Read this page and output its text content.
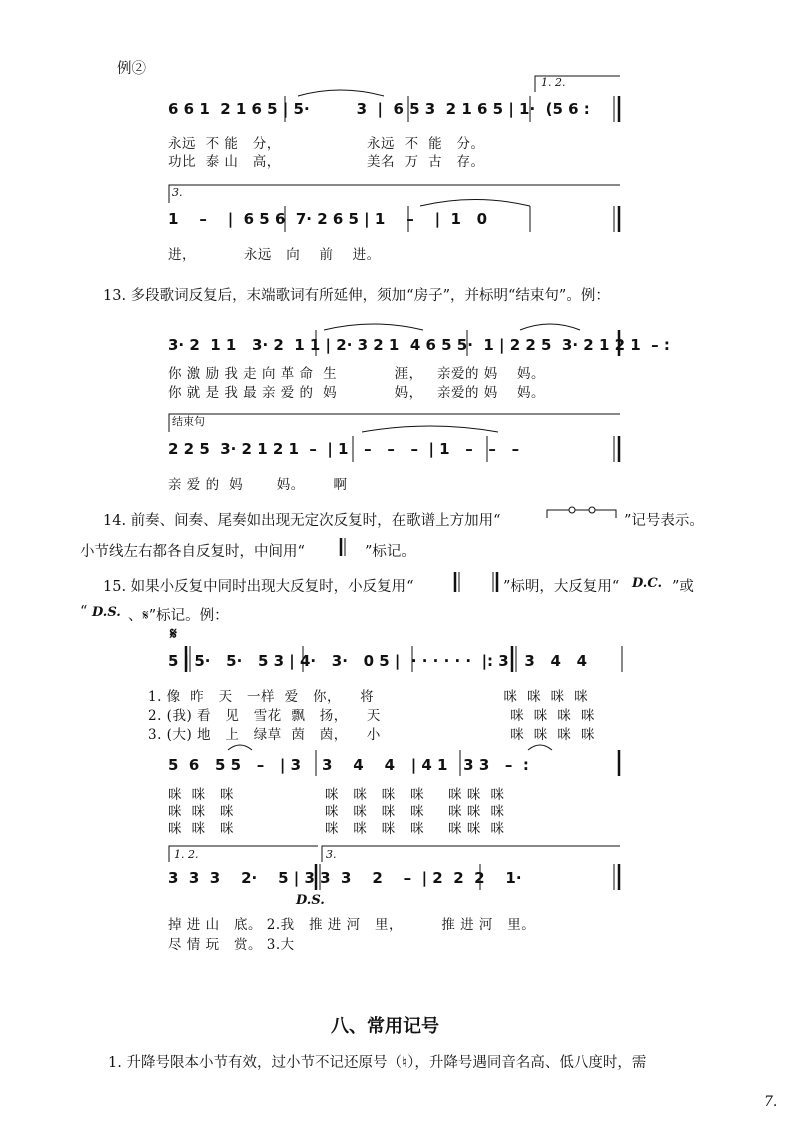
例②
1. 2.
6 6 1  2 1 6 5 | 5·         3  |  6 5 3  2 1 6 5 | 1·  (5 6 :
永远  不 能   分，                  永远  不  能   分。
功比  泰 山   高，                  美名  万  古   存。
3.
1    –    |  6 5 6  7· 2 6 5 | 1    –    |  1   0
进，          永远   向    前    进。
13. 多段歌词反复后，末端歌词有所延伸，须加“房子”，并标明“结束句”。例：
3· 2  1 1   3· 2  1 1 | 2· 3 2 1  4 6 5 5·  1 | 2 2 5  3· 2 1 2 1  – :
你 激 励 我 走 向 革 命  生            涯，   亲爱的 妈    妈。
你 就 是 我 最 亲 爱 的  妈            妈，   亲爱的 妈    妈。
结束句
2 2 5  3· 2 1 2 1  –  | 1   –   –   –  | 1   –   –   –
亲 爱 的  妈       妈。      啊
14. 前奏、间奏、尾奏如出现无定次反复时，在歌谱上方加用“	”记号表示。
小节线左右都各自反复时，中间用“	”标记。
15. 如果小反复中同时出现大反复时，小反复用“	”标明，大反复用“ D.C. ”或
“ D.S. 、𝄋”标记。例：
𝄋
5 | 5·   5·   5 3 | 4·   3·   0 5 |  · · · · · ·  |: 3   3   4   4
1. 像  昨   天   一样  爱   你，    将                           咪  咪  咪  咪
2. (我) 看   见   雪花  飘   扬，    天                           咪  咪  咪  咪
3. (大) 地   上   绿草  茵   茵，    小                           咪  咪  咪  咪
5  6   5 5   –   | 3    3    4    4   | 4 1   3 3   –  :
咪  咪   咪                   咪   咪   咪   咪     咪 咪  咪
咪  咪   咪                   咪   咪   咪   咪     咪 咪  咪
咪  咪   咪                   咪   咪   咪   咪     咪 咪  咪
1. 2.	3.
3  3  3    2·    5 | 3 3  3    2    –  | 2  2  2    1·
D.S.
掉 进 山   底。 2.我   推 进 河   里，        推 进 河   里。
尽 情 玩   赏。 3.大
八、常用记号
1. 升降号限本小节有效，过小节不记还原号（♮），升降号遇同音名高、低八度时，需
7.
